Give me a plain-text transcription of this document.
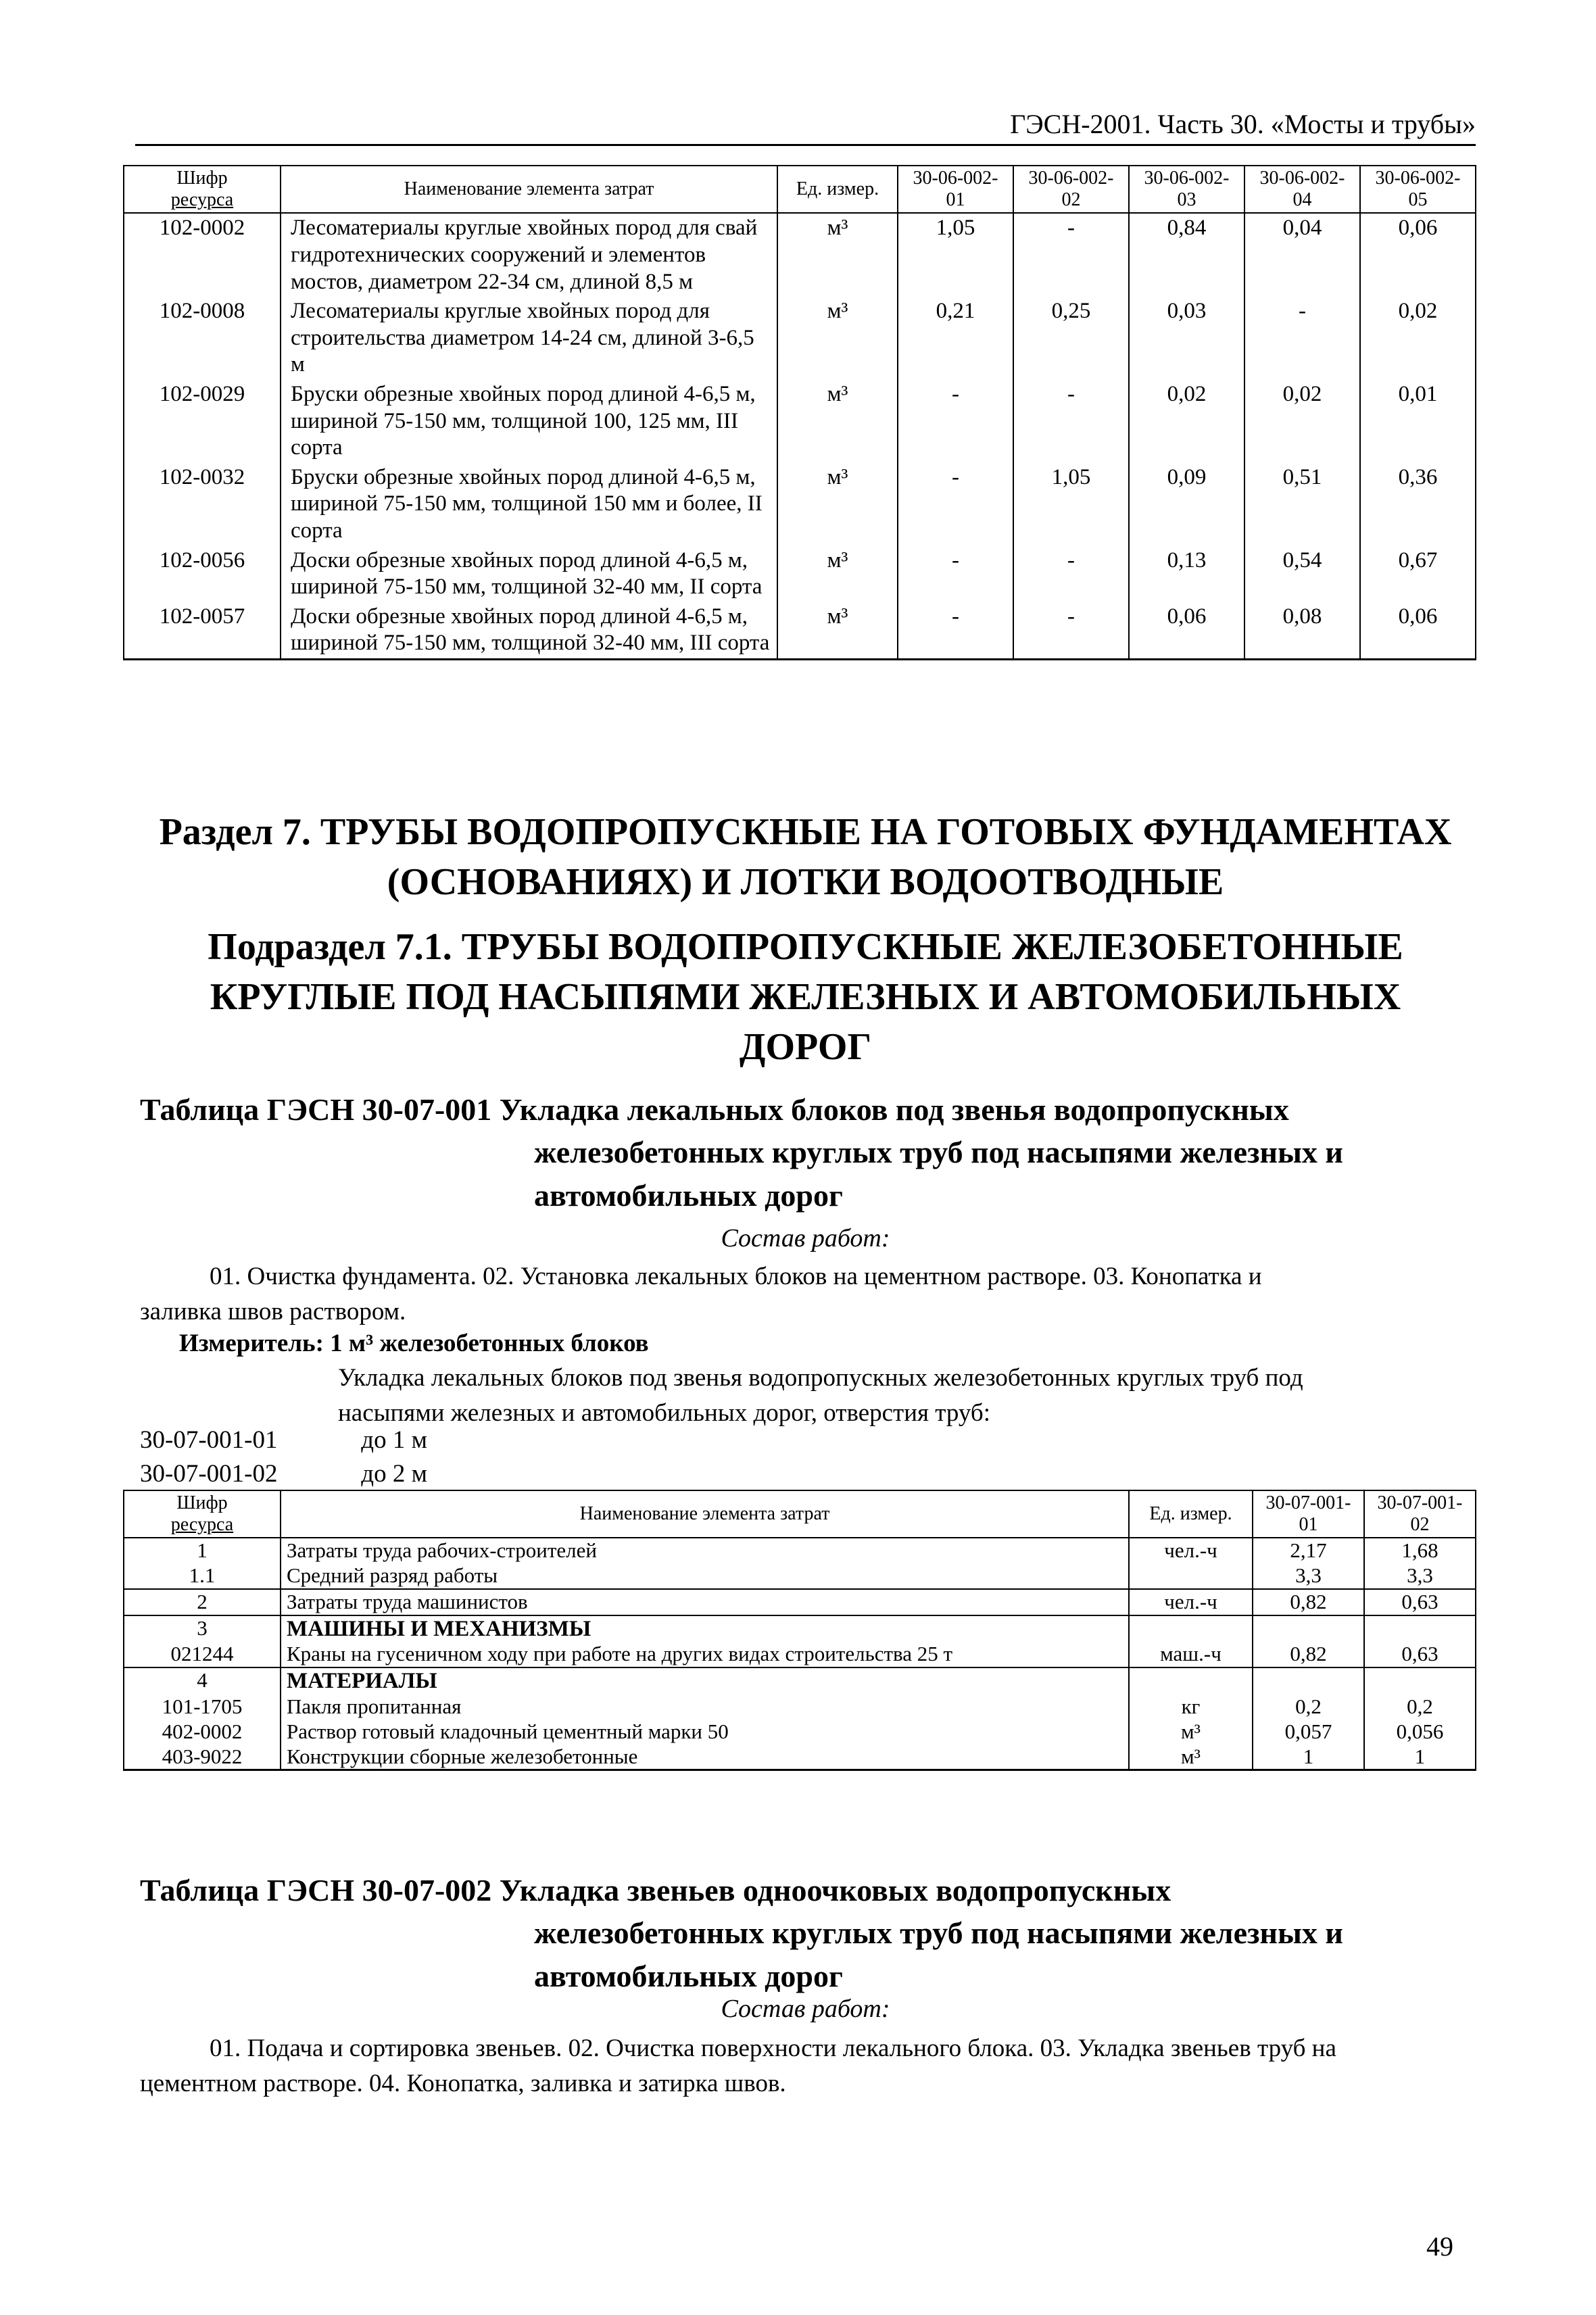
ГЭСН-2001. Часть 30. «Мосты и трубы»
Шифр
ресурса	Наименование элемента затрат	Ед. измер.	30-06-002-01	30-06-002-02	30-06-002-03	30-06-002-04	30-06-002-05
102-0002	Лесоматериалы круглые хвойных пород для свай гидротехнических сооружений и элементов мостов, диаметром 22-34 см, длиной 8,5 м	м³	1,05	-	0,84	0,04	0,06
102-0008	Лесоматериалы круглые хвойных пород для строительства диаметром 14-24 см, длиной 3-6,5 м	м³	0,21	0,25	0,03	-	0,02
102-0029	Бруски обрезные хвойных пород длиной 4-6,5 м, шириной 75-150 мм, толщиной 100, 125 мм, III сорта	м³	-	-	0,02	0,02	0,01
102-0032	Бруски обрезные хвойных пород длиной 4-6,5 м, шириной 75-150 мм, толщиной 150 мм и более, II сорта	м³	-	1,05	0,09	0,51	0,36
102-0056	Доски обрезные хвойных пород длиной 4-6,5 м, шириной 75-150 мм, толщиной 32-40 мм, II сорта	м³	-	-	0,13	0,54	0,67
102-0057	Доски обрезные хвойных пород длиной 4-6,5 м, шириной 75-150 мм, толщиной 32-40 мм, III сорта	м³	-	-	0,06	0,08	0,06
Раздел 7. ТРУБЫ ВОДОПРОПУСКНЫЕ НА ГОТОВЫХ ФУНДАМЕНТАХ
(ОСНОВАНИЯХ) И ЛОТКИ ВОДООТВОДНЫЕ
Подраздел 7.1. ТРУБЫ ВОДОПРОПУСКНЫЕ ЖЕЛЕЗОБЕТОННЫЕ
КРУГЛЫЕ ПОД НАСЫПЯМИ ЖЕЛЕЗНЫХ И АВТОМОБИЛЬНЫХ
ДОРОГ
Таблица ГЭСН 30-07-001 Укладка лекальных блоков под звенья водопропускных
железобетонных круглых труб под насыпями железных и
автомобильных дорог
Состав работ:
01. Очистка фундамента. 02. Установка лекальных блоков на цементном растворе. 03. Конопатка и
заливка швов раствором.
Измеритель: 1 м³ железобетонных блоков
Укладка лекальных блоков под звенья водопропускных железобетонных круглых труб под
насыпями железных и автомобильных дорог, отверстия труб:
30-07-001-01	до 1 м
30-07-001-02	до 2 м
Шифр
ресурса	Наименование элемента затрат	Ед. измер.	30-07-001-01	30-07-001-02
1	Затраты труда рабочих-строителей	чел.-ч	2,17	1,68
1.1	Средний разряд работы		3,3	3,3
2	Затраты труда машинистов	чел.-ч	0,82	0,63
3	МАШИНЫ И МЕХАНИЗМЫ			
021244	Краны на гусеничном ходу при работе на других видах строительства 25 т	маш.-ч	0,82	0,63
4	МАТЕРИАЛЫ			
101-1705	Пакля пропитанная	кг	0,2	0,2
402-0002	Раствор готовый кладочный цементный марки 50	м³	0,057	0,056
403-9022	Конструкции сборные железобетонные	м³	1	1
Таблица ГЭСН 30-07-002 Укладка звеньев одноочковых водопропускных
железобетонных круглых труб под насыпями железных и
автомобильных дорог
Состав работ:
01. Подача и сортировка звеньев. 02. Очистка поверхности лекального блока. 03. Укладка звеньев труб на
цементном растворе. 04. Конопатка, заливка и затирка швов.
49
